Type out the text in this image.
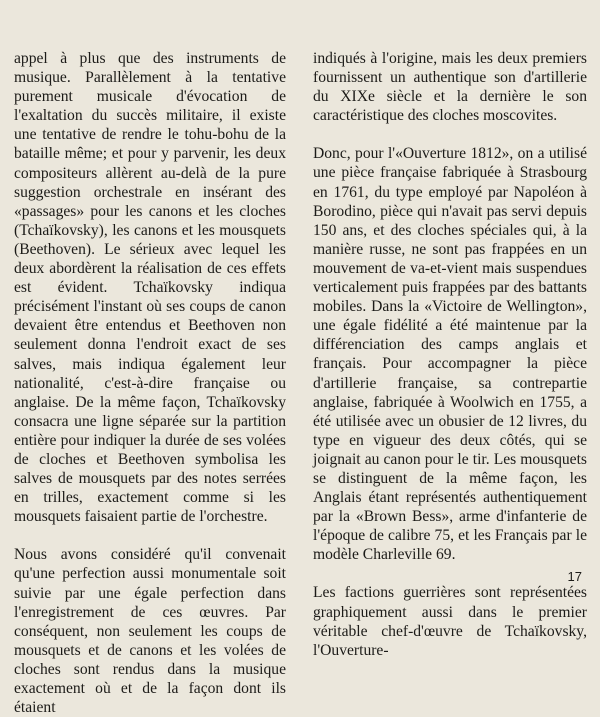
appel à plus que des instruments de musique. Parallèlement à la tentative purement musicale d'évocation de l'exaltation du succès militaire, il existe une tentative de rendre le tohu-bohu de la bataille même; et pour y parvenir, les deux compositeurs allèrent au-delà de la pure suggestion orchestrale en insérant des «passages» pour les canons et les cloches (Tchaïkovsky), les canons et les mousquets (Beethoven). Le sérieux avec lequel les deux abordèrent la réalisation de ces effets est évident. Tchaïkovsky indiqua précisément l'instant où ses coups de canon devaient être entendus et Beethoven non seulement donna l'endroit exact de ses salves, mais indiqua également leur nationalité, c'est-à-dire française ou anglaise. De la même façon, Tchaïkovsky consacra une ligne séparée sur la partition entière pour indiquer la durée de ses volées de cloches et Beethoven symbolisa les salves de mousquets par des notes serrées en trilles, exactement comme si les mousquets faisaient partie de l'orchestre.

Nous avons considéré qu'il convenait qu'une perfection aussi monumentale soit suivie par une égale perfection dans l'enregistrement de ces œuvres. Par conséquent, non seulement les coups de mousquets et de canons et les volées de cloches sont rendus dans la musique exactement où et de la façon dont ils étaient

indiqués à l'origine, mais les deux premiers fournissent un authentique son d'artillerie du XIXe siècle et la dernière le son caractéristique des cloches moscovites.

Donc, pour l'«Ouverture 1812», on a utilisé une pièce française fabriquée à Strasbourg en 1761, du type employé par Napoléon à Borodino, pièce qui n'avait pas servi depuis 150 ans, et des cloches spéciales qui, à la manière russe, ne sont pas frappées en un mouvement de va-et-vient mais suspendues verticalement puis frappées par des battants mobiles. Dans la «Victoire de Wellington», une égale fidélité a été maintenue par la différenciation des camps anglais et français. Pour accompagner la pièce d'artillerie française, sa contrepartie anglaise, fabriquée à Woolwich en 1755, a été utilisée avec un obusier de 12 livres, du type en vigueur des deux côtés, qui se joignait au canon pour le tir. Les mousquets se distinguent de la même façon, les Anglais étant représentés authentiquement par la «Brown Bess», arme d'infanterie de l'époque de calibre 75, et les Français par le modèle Charleville 69.

Les factions guerrières sont représentées graphiquement aussi dans le premier véritable chef-d'œuvre de Tchaïkovsky, l'Ouverture-

17
